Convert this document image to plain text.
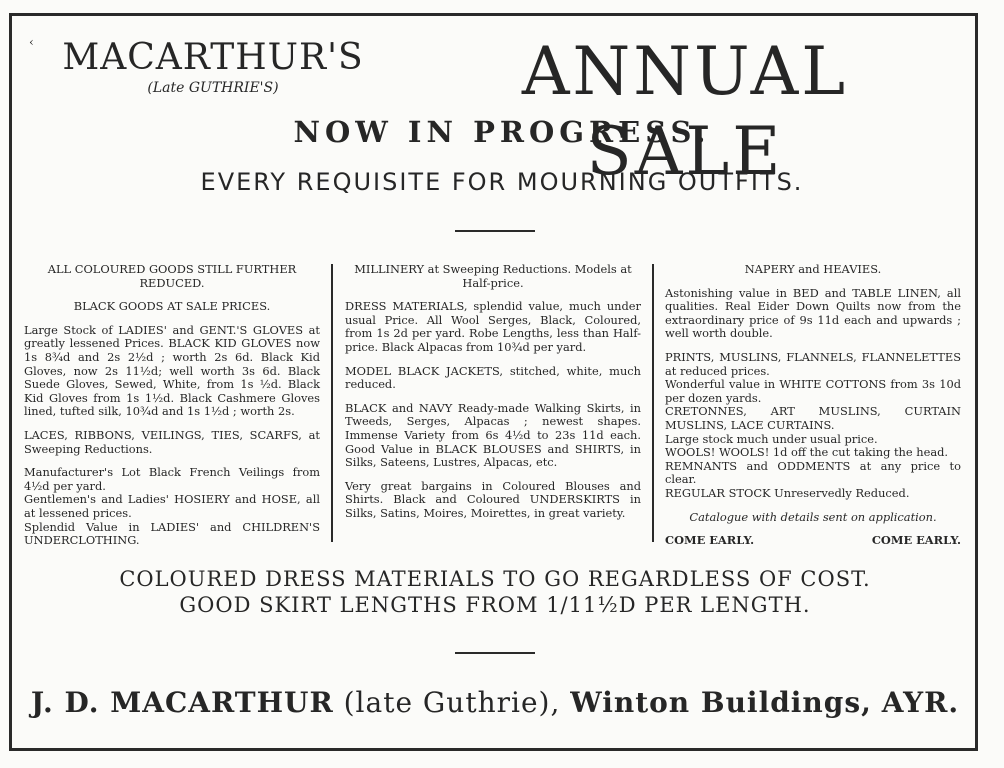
‹ MACARTHUR'S
(Late GUTHRIE'S)	ANNUAL SALE
NOW IN PROGRESS.
EVERY REQUISITE FOR MOURNING OUTFITS.

ALL COLOURED GOODS STILL FURTHER REDUCED.

BLACK GOODS AT SALE PRICES.

Large Stock of LADIES' and GENT.'S GLOVES at greatly lessened Prices. BLACK KID GLOVES now 1s 8¾d and 2s 2½d ; worth 2s 6d. Black Kid Gloves, now 2s 11½d; well worth 3s 6d. Black Suede Gloves, Sewed, White, from 1s ½d. Black Kid Gloves from 1s 1½d. Black Cashmere Gloves lined, tufted silk, 10¾d and 1s 1½d ; worth 2s.

LACES, RIBBONS, VEILINGS, TIES, SCARFS, at Sweeping Reductions.

Manufacturer's Lot Black French Veilings from 4½d per yard.

Gentlemen's and Ladies' HOSIERY and HOSE, all at lessened prices.

Splendid Value in LADIES' and CHILDREN'S UNDERCLOTHING.

MILLINERY at Sweeping Reductions. Models at Half-price.

DRESS MATERIALS, splendid value, much under usual Price. All Wool Serges, Black, Coloured, from 1s 2d per yard. Robe Lengths, less than Half-price. Black Alpacas from 10¾d per yard.

MODEL BLACK JACKETS, stitched, white, much reduced.

BLACK and NAVY Ready-made Walking Skirts, in Tweeds, Serges, Alpacas ; newest shapes. Immense Variety from 6s 4½d to 23s 11d each. Good Value in BLACK BLOUSES and SHIRTS, in Silks, Sateens, Lustres, Alpacas, etc.

Very great bargains in Coloured Blouses and Shirts. Black and Coloured UNDERSKIRTS in Silks, Satins, Moires, Moirettes, in great variety.

NAPERY and HEAVIES.

Astonishing value in BED and TABLE LINEN, all qualities. Real Eider Down Quilts now from the extraordinary price of 9s 11d each and upwards ; well worth double.

PRINTS, MUSLINS, FLANNELS, FLANNELETTES at reduced prices.

Wonderful value in WHITE COTTONS from 3s 10d per dozen yards.

CRETONNES, ART MUSLINS, CURTAIN MUSLINS, LACE CURTAINS.

Large stock much under usual price.

WOOLS! WOOLS! 1d off the cut taking the head.

REMNANTS and ODDMENTS at any price to clear.

REGULAR STOCK Unreservedly Reduced.

Catalogue with details sent on application.

COME EARLY.	COME EARLY.
COLOURED DRESS MATERIALS TO GO REGARDLESS OF COST.
GOOD SKIRT LENGTHS FROM 1/11½D PER LENGTH.
J. D. MACARTHUR (late Guthrie), Winton Buildings, AYR.
